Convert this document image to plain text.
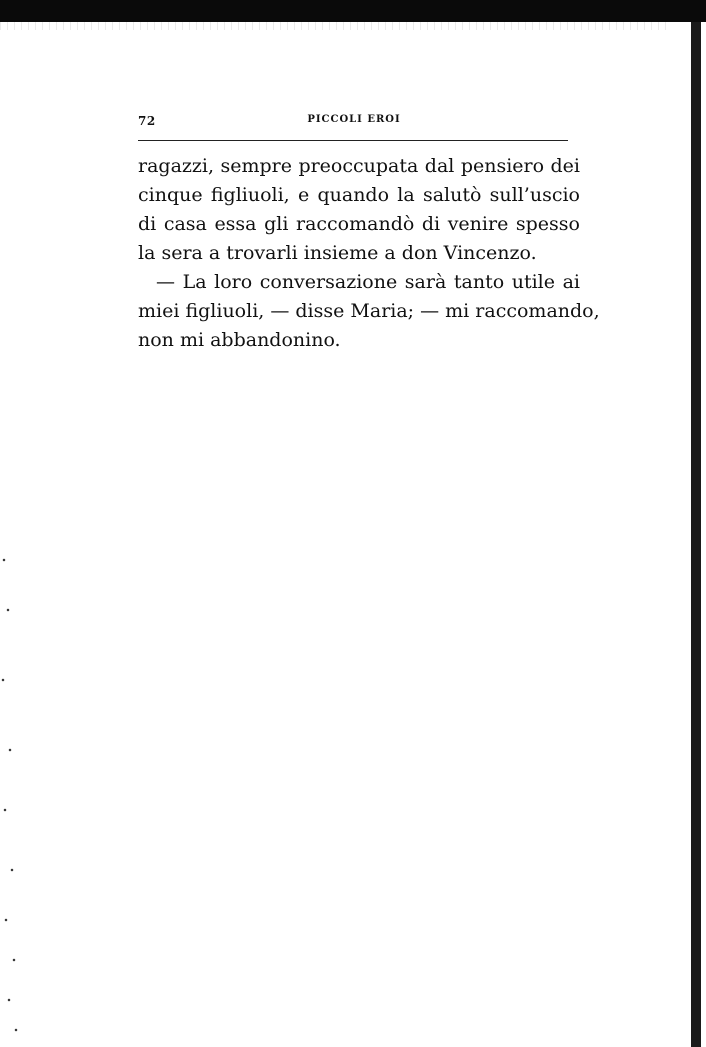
72	PICCOLI EROI
ragazzi, sempre preoccupata dal pensiero dei
cinque figliuoli, e quando la salutò sull’uscio
di casa essa gli raccomandò di venire spesso
la sera a trovarli insieme a don Vincenzo.
— La loro conversazione sarà tanto utile ai
miei figliuoli, — disse Maria; — mi raccomando,
non mi abbandonino.
